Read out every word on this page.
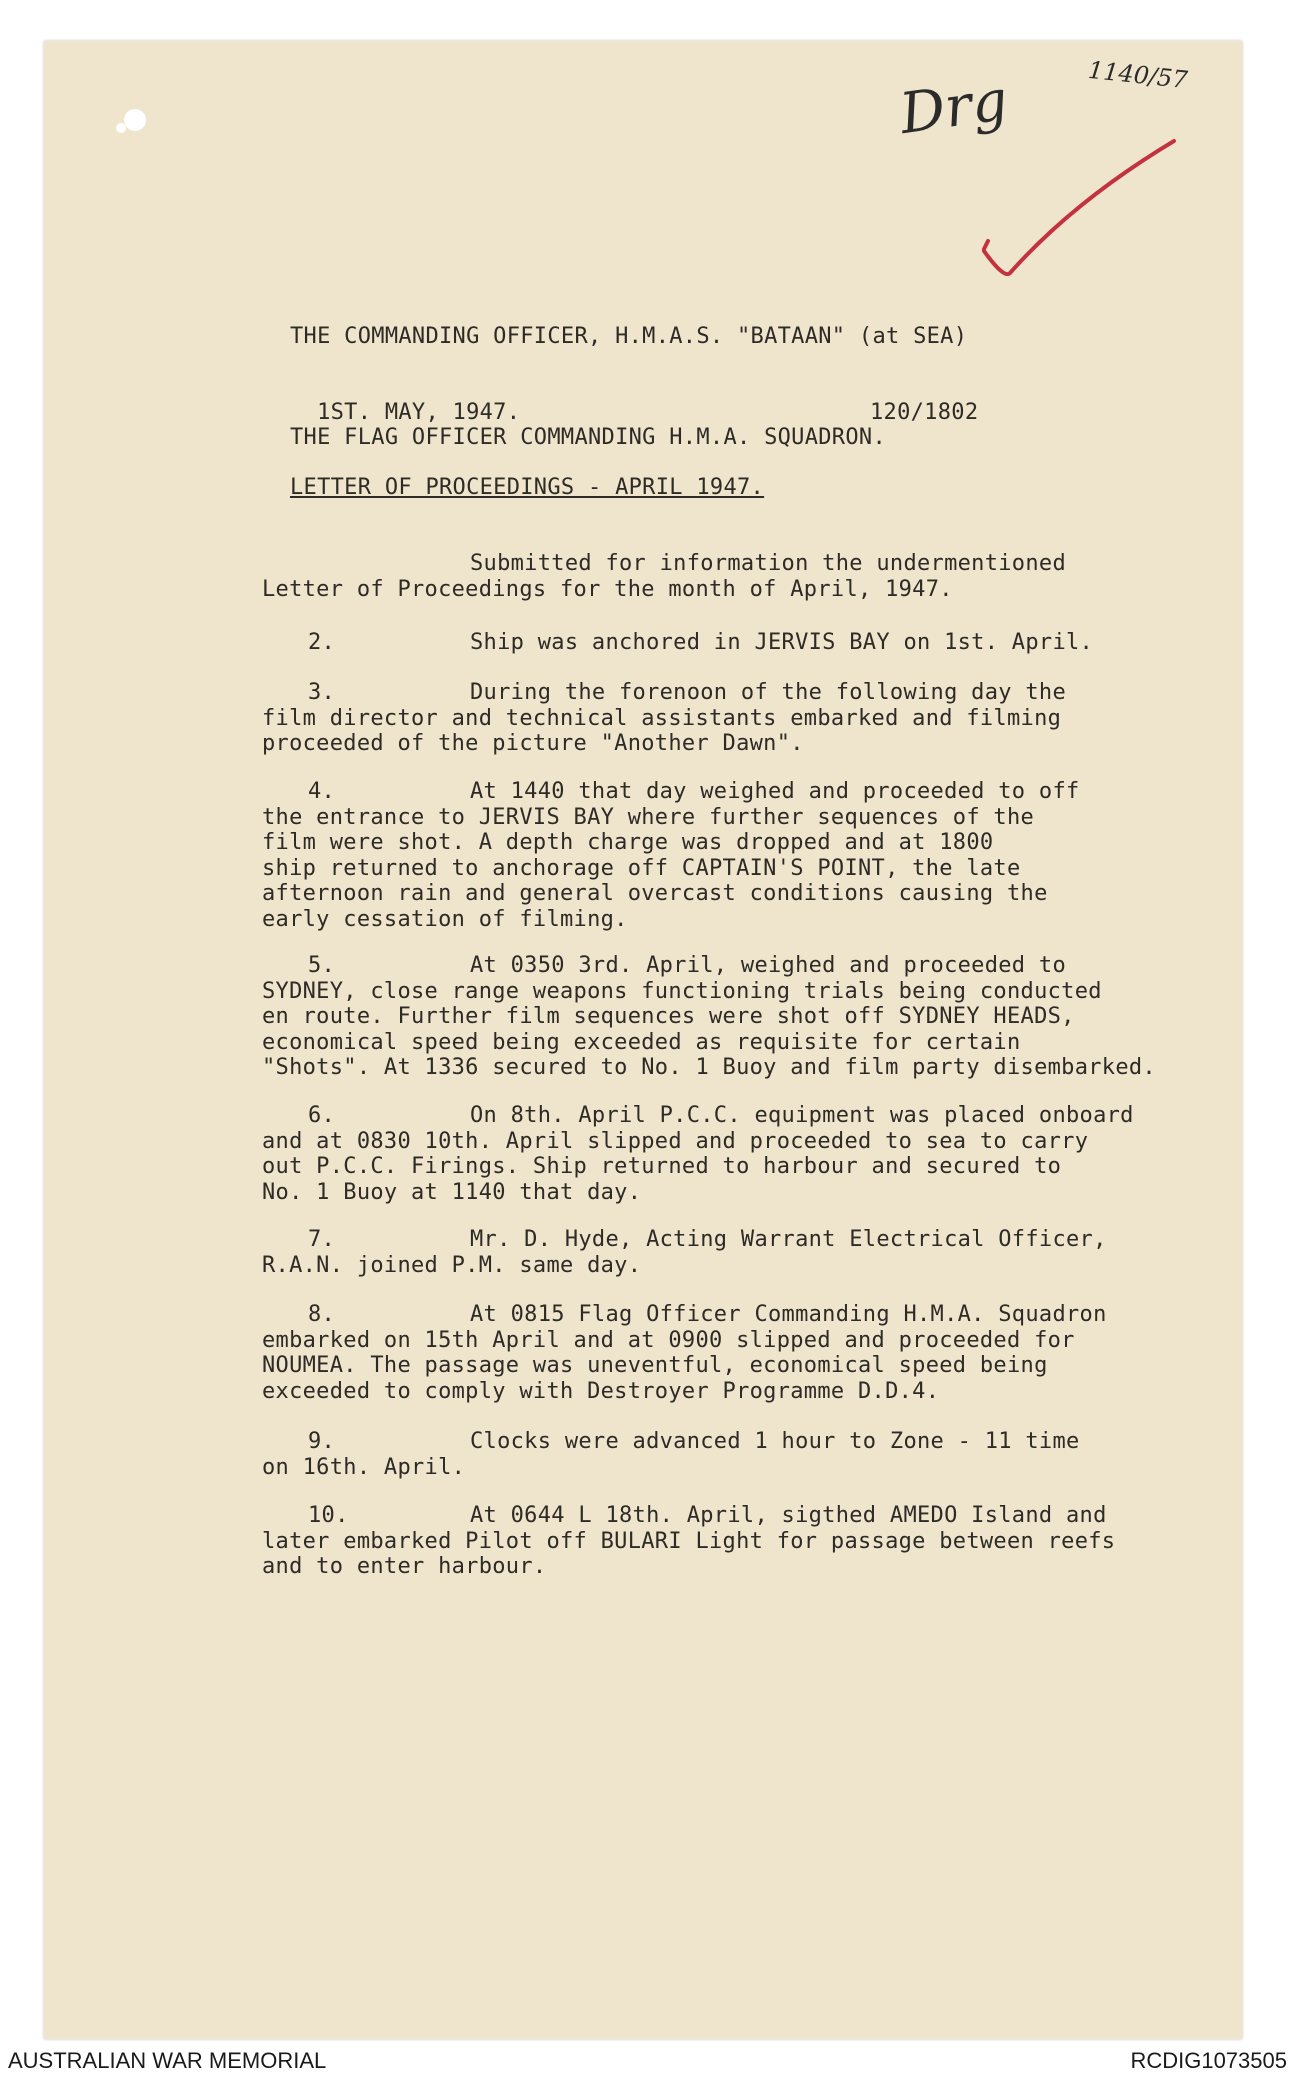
Drg	1140/57
THE COMMANDING OFFICER, H.M.A.S. "BATAAN" (at SEA)

1ST. MAY, 1947.	120/1802

THE FLAG OFFICER COMMANDING H.M.A. SQUADRON.
LETTER OF PROCEEDINGS - APRIL 1947.
Submitted for information the undermentioned
Letter of Proceedings for the month of April, 1947.
2.	Ship was anchored in JERVIS BAY on 1st. April.
3.	During the forenoon of the following day the
film director and technical assistants embarked and filming
proceeded of the picture "Another Dawn".
4.	At 1440 that day weighed and proceeded to off
the entrance to JERVIS BAY where further sequences of the
film were shot. A depth charge was dropped and at 1800
ship returned to anchorage off CAPTAIN'S POINT, the late
afternoon rain and general overcast conditions causing the
early cessation of filming.
5.	At 0350 3rd. April, weighed and proceeded to
SYDNEY, close range weapons functioning trials being conducted
en route. Further film sequences were shot off SYDNEY HEADS,
economical speed being exceeded as requisite for certain
"Shots". At 1336 secured to No. 1 Buoy and film party disembarked.
6.	On 8th. April P.C.C. equipment was placed onboard
and at 0830 10th. April slipped and proceeded to sea to carry
out P.C.C. Firings. Ship returned to harbour and secured to
No. 1 Buoy at 1140 that day.
7.	Mr. D. Hyde, Acting Warrant Electrical Officer,
R.A.N. joined P.M. same day.
8.	At 0815 Flag Officer Commanding H.M.A. Squadron
embarked on 15th April and at 0900 slipped and proceeded for
NOUMEA. The passage was uneventful, economical speed being
exceeded to comply with Destroyer Programme D.D.4.
9.	Clocks were advanced 1 hour to Zone - 11 time
on 16th. April.
10.	At 0644 L 18th. April, sigthed AMEDO Island and
later embarked Pilot off BULARI Light for passage between reefs
and to enter harbour.
AUSTRALIAN WAR MEMORIAL	RCDIG1073505
